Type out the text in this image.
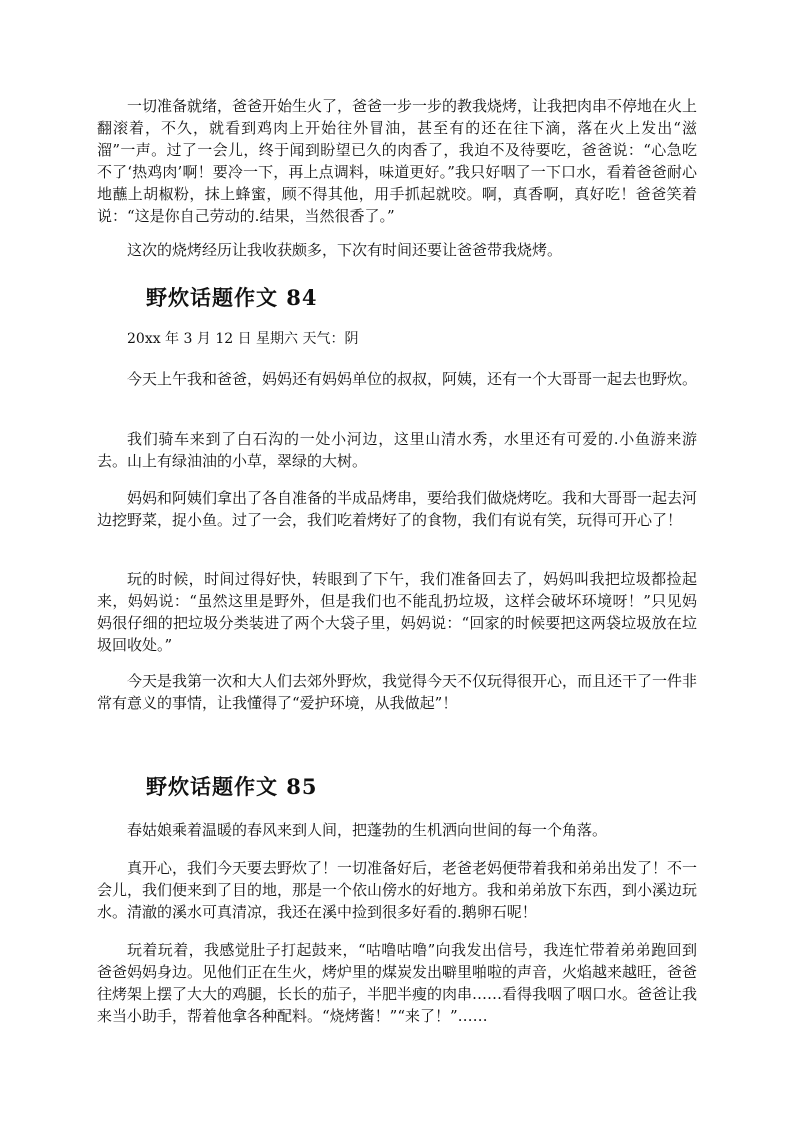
一切准备就绪，爸爸开始生火了，爸爸一步一步的教我烧烤，让我把肉串不停地在火上翻滚着，不久，就看到鸡肉上开始往外冒油，甚至有的还在往下滴，落在火上发出“滋溜”一声。过了一会儿，终于闻到盼望已久的肉香了，我迫不及待要吃，爸爸说：“心急吃不了‘热鸡肉’啊！要冷一下，再上点调料，味道更好。”我只好咽了一下口水，看着爸爸耐心地蘸上胡椒粉，抹上蜂蜜，顾不得其他，用手抓起就咬。啊，真香啊，真好吃！爸爸笑着说：“这是你自己劳动的.结果，当然很香了。”

这次的烧烤经历让我收获颇多，下次有时间还要让爸爸带我烧烤。

野炊话题作文 84

20xx 年 3 月 12 日 星期六 天气：阴

今天上午我和爸爸，妈妈还有妈妈单位的叔叔，阿姨，还有一个大哥哥一起去也野炊。

我们骑车来到了白石沟的一处小河边，这里山清水秀，水里还有可爱的.小鱼游来游去。山上有绿油油的小草，翠绿的大树。

妈妈和阿姨们拿出了各自准备的半成品烤串，要给我们做烧烤吃。我和大哥哥一起去河边挖野菜，捉小鱼。过了一会，我们吃着烤好了的食物，我们有说有笑，玩得可开心了！

玩的时候，时间过得好快，转眼到了下午，我们准备回去了，妈妈叫我把垃圾都捡起来，妈妈说：“虽然这里是野外，但是我们也不能乱扔垃圾，这样会破坏环境呀！”只见妈妈很仔细的把垃圾分类装进了两个大袋子里，妈妈说：“回家的时候要把这两袋垃圾放在垃圾回收处。”

今天是我第一次和大人们去郊外野炊，我觉得今天不仅玩得很开心，而且还干了一件非常有意义的事情，让我懂得了“爱护环境，从我做起”！

野炊话题作文 85

春姑娘乘着温暖的春风来到人间，把蓬勃的生机洒向世间的每一个角落。

真开心，我们今天要去野炊了！一切准备好后，老爸老妈便带着我和弟弟出发了！不一会儿，我们便来到了目的地，那是一个依山傍水的好地方。我和弟弟放下东西，到小溪边玩水。清澈的溪水可真清凉，我还在溪中捡到很多好看的.鹅卵石呢！

玩着玩着，我感觉肚子打起鼓来，“咕噜咕噜”向我发出信号，我连忙带着弟弟跑回到爸爸妈妈身边。见他们正在生火，烤炉里的煤炭发出噼里啪啦的声音，火焰越来越旺，爸爸往烤架上摆了大大的鸡腿，长长的茄子，半肥半瘦的肉串……看得我咽了咽口水。爸爸让我来当小助手，帮着他拿各种配料。“烧烤酱！”“来了！”……
